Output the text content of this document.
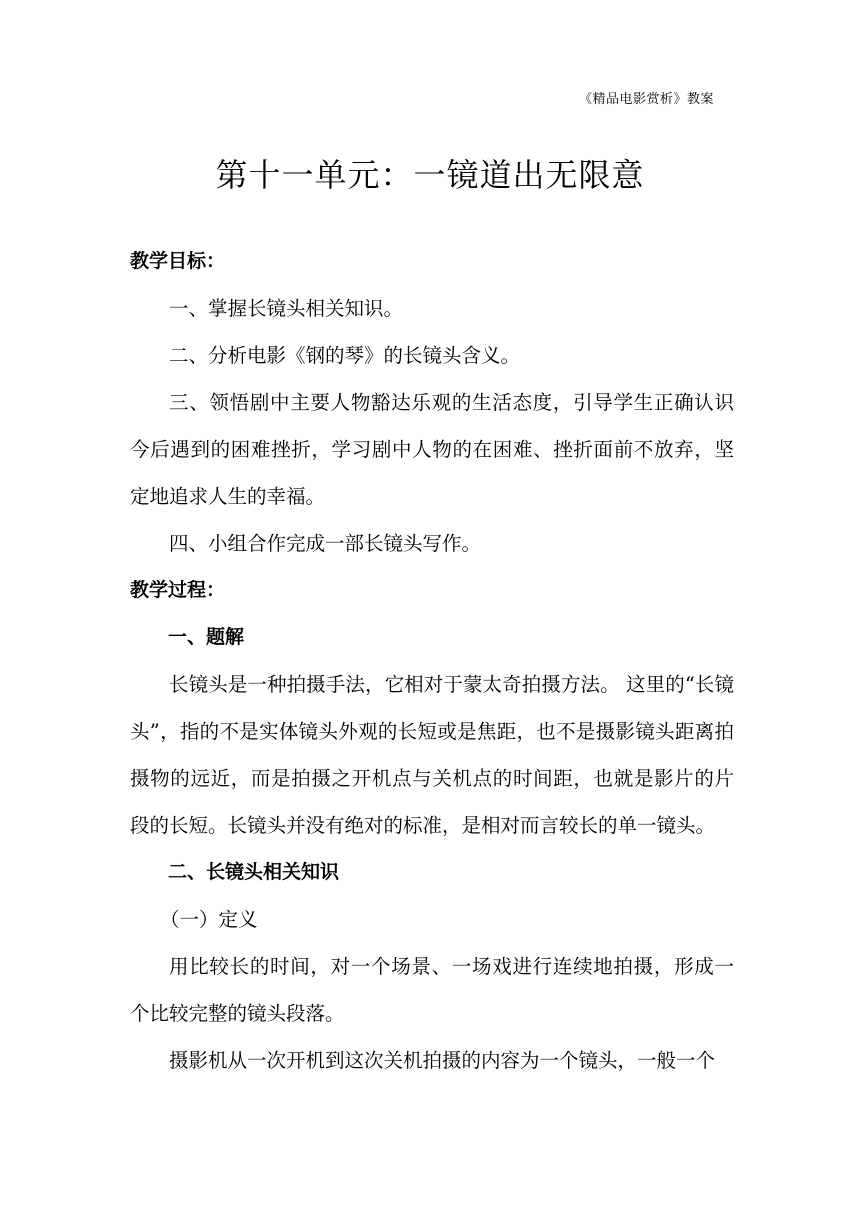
《精品电影赏析》教案
第十一单元：一镜道出无限意

教学目标：

一、掌握长镜头相关知识。

二、分析电影《钢的琴》的长镜头含义。

三、领悟剧中主要人物豁达乐观的生活态度，引导学生正确认识今后遇到的困难挫折，学习剧中人物的在困难、挫折面前不放弃，坚定地追求人生的幸福。

四、小组合作完成一部长镜头写作。

教学过程：

一、题解

长镜头是一种拍摄手法，它相对于蒙太奇拍摄方法。 这里的“长镜头”，指的不是实体镜头外观的长短或是焦距，也不是摄影镜头距离拍摄物的远近，而是拍摄之开机点与关机点的时间距，也就是影片的片段的长短。长镜头并没有绝对的标准，是相对而言较长的单一镜头。

二、长镜头相关知识

（一）定义

用比较长的时间，对一个场景、一场戏进行连续地拍摄，形成一个比较完整的镜头段落。

摄影机从一次开机到这次关机拍摄的内容为一个镜头，一般一个
